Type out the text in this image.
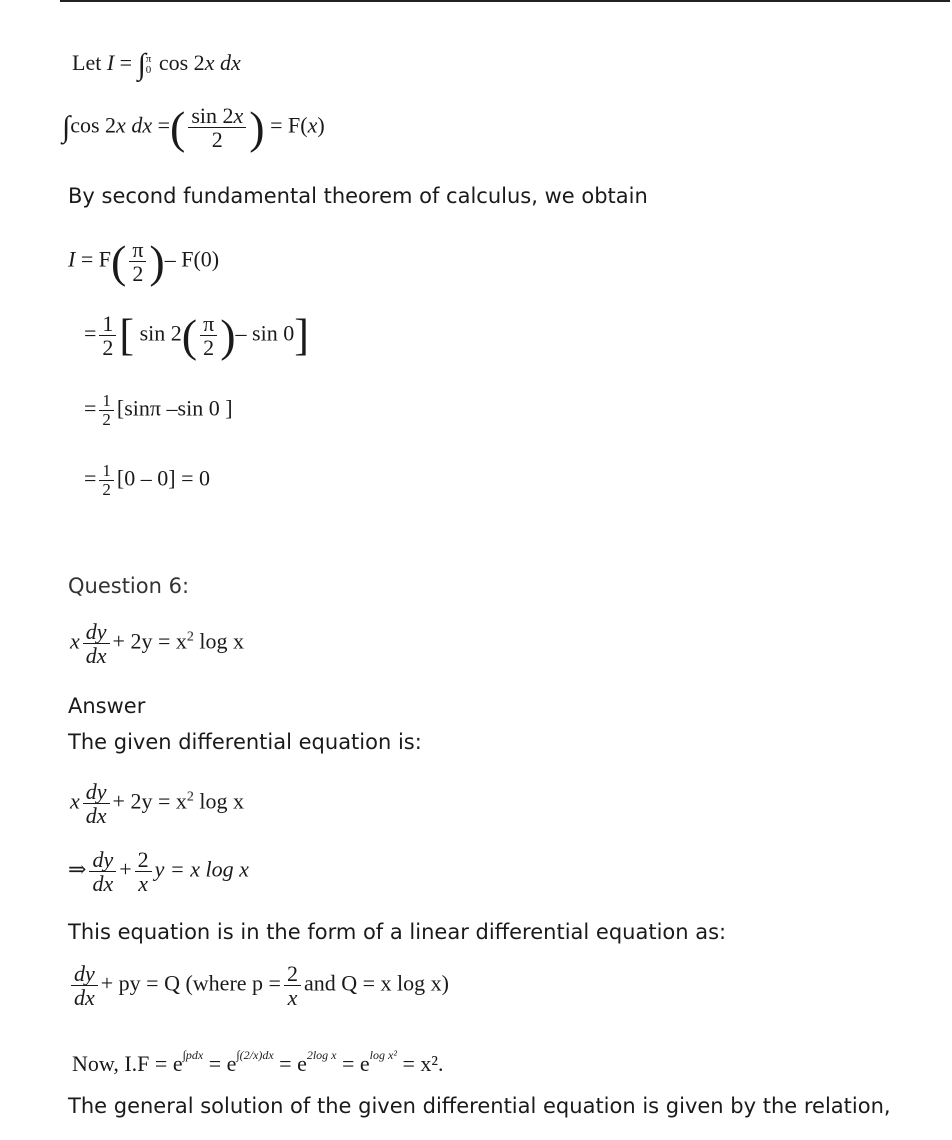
Let I = ∫ π
0 cos 2x dx
∫cos 2x dx =( $\frac{\sin 2x}{2}$ ) = F(x)
By second fundamental theorem of calculus, we obtain
$I = F( \frac{\pi}{2}$ )– F(0)
= $\frac{1}{2}$ [ $\sin 2( \frac{\pi}{2}$ )– sin 0]
= $\frac{1}{2} [\sin\pi$ –sin 0 ]
= $\frac{1}{2} [0 - 0] = 0$
Question 6:
x $\frac{dy}{dx} + 2y = x^2$ log x
Answer
The given differential equation is:
x $\frac{dy}{dx} + 2y = x^2$ log x
⇒ $\frac{dy}{dx} + \frac{2}{x}$ y = x log x
This equation is in the form of a linear differential equation as:
$\frac{dy}{dx}$ + py = Q (where $p = \frac{2}{x}$ and Q = x log x)
Now, $I.F = e^{\int pdx} = e^{\int(2/x)dx} = e^{2log x} = e^{log x^2} = x^2$.
The general solution of the given differential equation is given by the relation,
